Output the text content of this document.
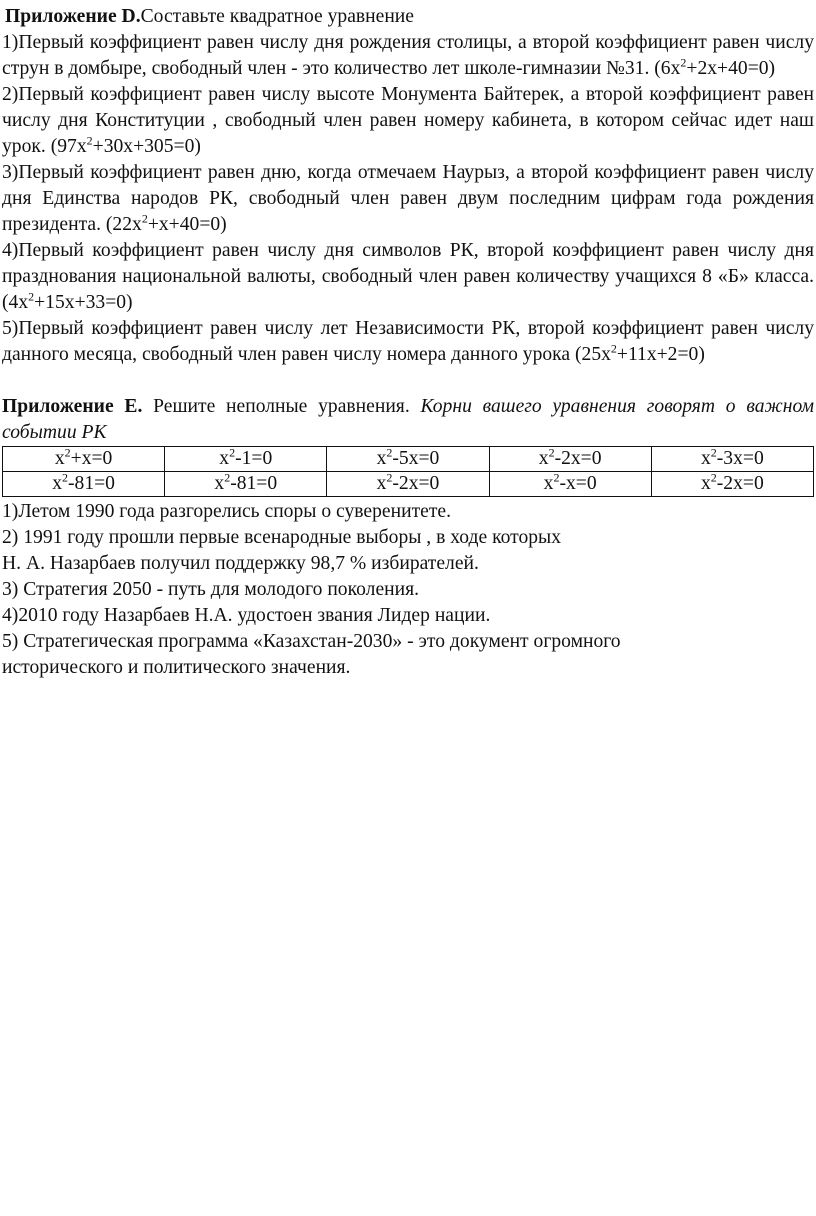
Приложение D.Составьте квадратное уравнение

1)Первый коэффициент равен числу дня рождения столицы, а второй коэффициент равен числу струн в домбыре, свободный член - это количество лет школе-гимназии №31. $(6x^2+2x+40=0)$

2)Первый коэффициент равен числу высоте Монумента Байтерек, а второй коэффициент равен числу дня Конституции , свободный член равен номеру кабинета, в котором сейчас идет наш урок. $(97x^2+30x+305=0)$

3)Первый коэффициент равен дню, когда отмечаем Наурыз, а второй коэффициент равен числу дня Единства народов РК, свободный член равен двум последним цифрам года рождения президента. $(22x^2+x+40=0)$

4)Первый коэффициент равен числу дня символов РК, второй коэффициент равен числу дня празднования национальной валюты, свободный член равен количеству учащихся 8 «Б» класса. $(4x^2+15x+33=0)$

5)Первый коэффициент равен числу лет Независимости РК, второй коэффициент равен числу данного месяца, свободный член равен числу номера данного урока $(25x^2+11x+2=0)$

Приложение Е. Решите неполные уравнения. Корни вашего уравнения говорят о важном событии РК

$x^2+x=0$	$x^2-1=0$	$x^2-5x=0$	$x^2-2x=0$	$x^2-3x=0$
$x^2-81=0$	$x^2-81=0$	$x^2-2x=0$	$x^2-x=0$	$x^2-2x=0$
1)Летом 1990 года разгорелись споры о суверенитете.
2) 1991 году прошли первые всенародные выборы , в ходе которых
Н. А. Назарбаев получил поддержку 98,7 % избирателей.
3) Стратегия 2050 - путь для молодого поколения.
4)2010 году Назарбаев Н.А. удостоен звания Лидер нации.
5) Стратегическая программа «Казахстан-2030» - это документ огромного
исторического и политического значения.
